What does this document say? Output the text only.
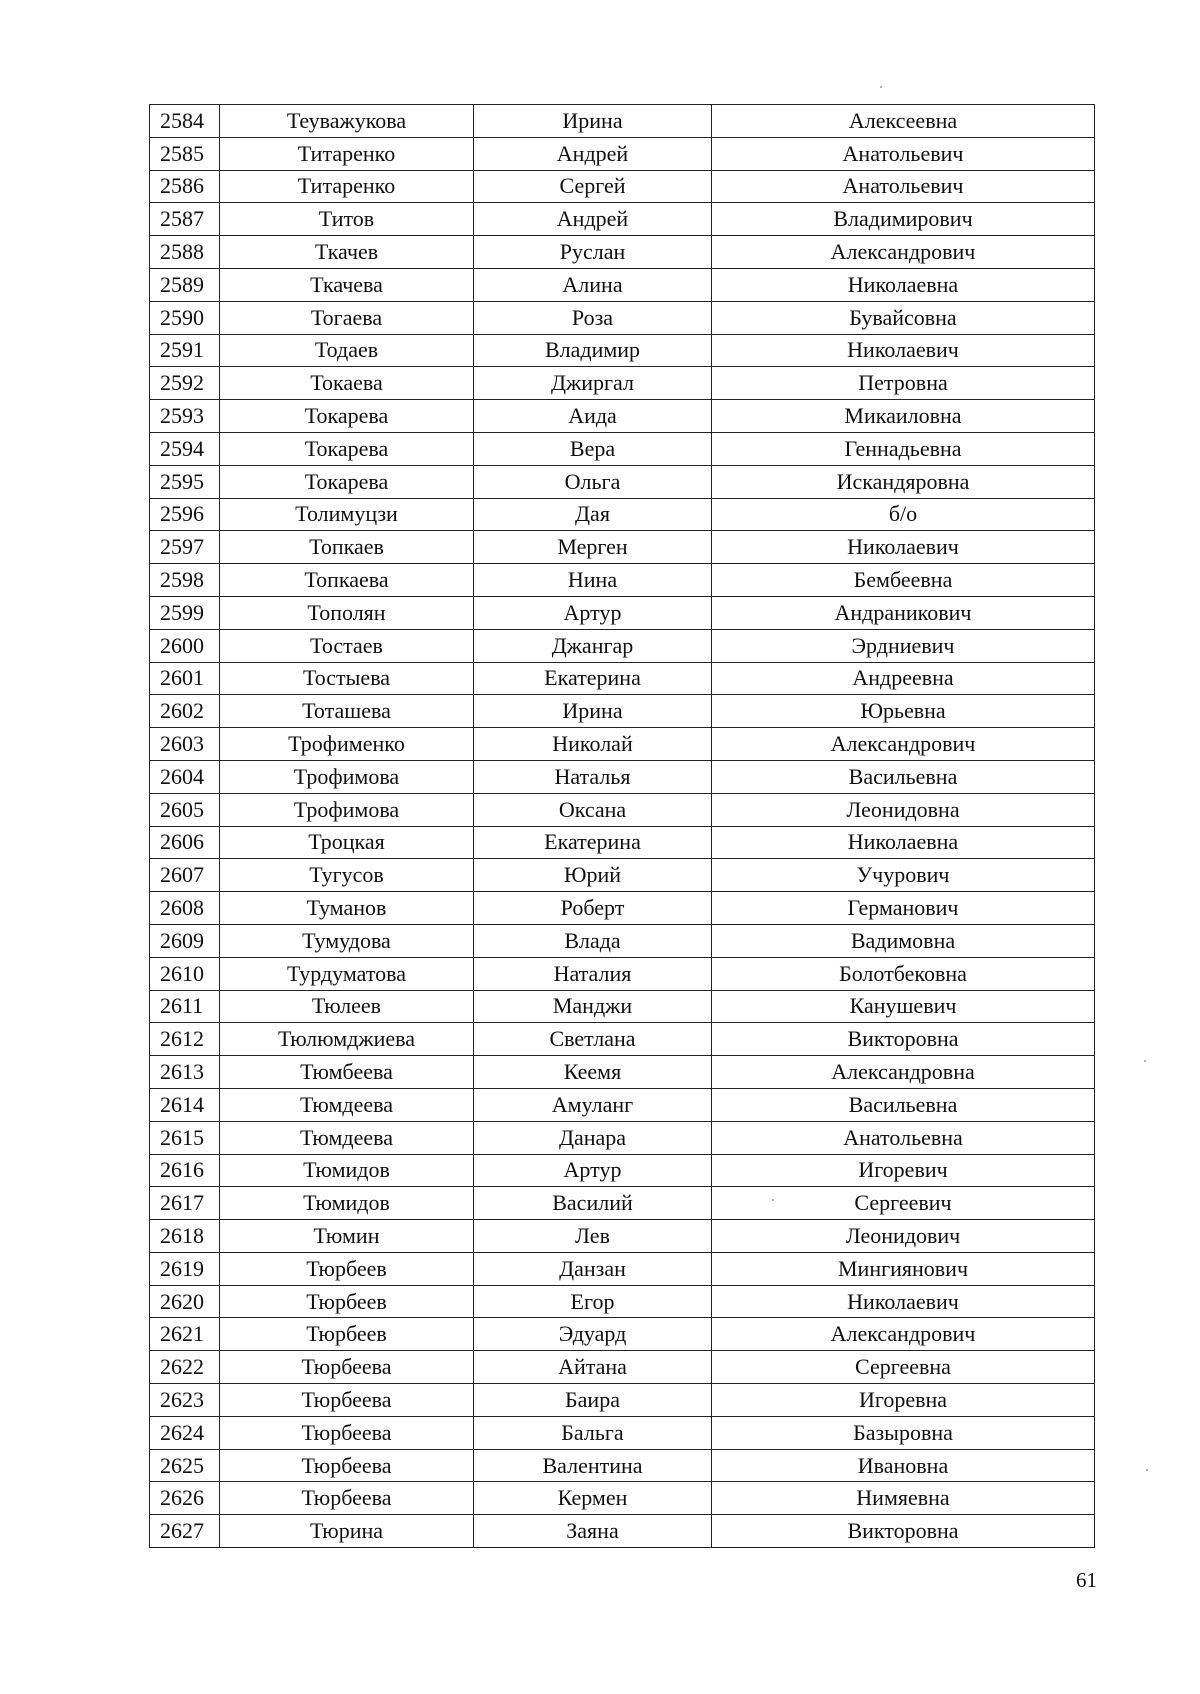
2584	Теуважукова	Ирина	Алексеевна
2585	Титаренко	Андрей	Анатольевич
2586	Титаренко	Сергей	Анатольевич
2587	Титов	Андрей	Владимирович
2588	Ткачев	Руслан	Александрович
2589	Ткачева	Алина	Николаевна
2590	Тогаева	Роза	Бувайсовна
2591	Тодаев	Владимир	Николаевич
2592	Токаева	Джиргал	Петровна
2593	Токарева	Аида	Микаиловна
2594	Токарева	Вера	Геннадьевна
2595	Токарева	Ольга	Искандяровна
2596	Толимуцзи	Дая	б/о
2597	Топкаев	Мерген	Николаевич
2598	Топкаева	Нина	Бембеевна
2599	Тополян	Артур	Андраникович
2600	Тостаев	Джангар	Эрдниевич
2601	Тостыева	Екатерина	Андреевна
2602	Тоташева	Ирина	Юрьевна
2603	Трофименко	Николай	Александрович
2604	Трофимова	Наталья	Васильевна
2605	Трофимова	Оксана	Леонидовна
2606	Троцкая	Екатерина	Николаевна
2607	Тугусов	Юрий	Учурович
2608	Туманов	Роберт	Германович
2609	Тумудова	Влада	Вадимовна
2610	Турдуматова	Наталия	Болотбековна
2611	Тюлеев	Манджи	Канушевич
2612	Тюлюмджиева	Светлана	Викторовна
2613	Тюмбеева	Кеемя	Александровна
2614	Тюмдеева	Амуланг	Васильевна
2615	Тюмдеева	Данара	Анатольевна
2616	Тюмидов	Артур	Игоревич
2617	Тюмидов	Василий	Сергеевич
2618	Тюмин	Лев	Леонидович
2619	Тюрбеев	Данзан	Мингиянович
2620	Тюрбеев	Егор	Николаевич
2621	Тюрбеев	Эдуард	Александрович
2622	Тюрбеева	Айтана	Сергеевна
2623	Тюрбеева	Баира	Игоревна
2624	Тюрбеева	Бальга	Базыровна
2625	Тюрбеева	Валентина	Ивановна
2626	Тюрбеева	Кермен	Нимяевна
2627	Тюрина	Заяна	Викторовна
61
